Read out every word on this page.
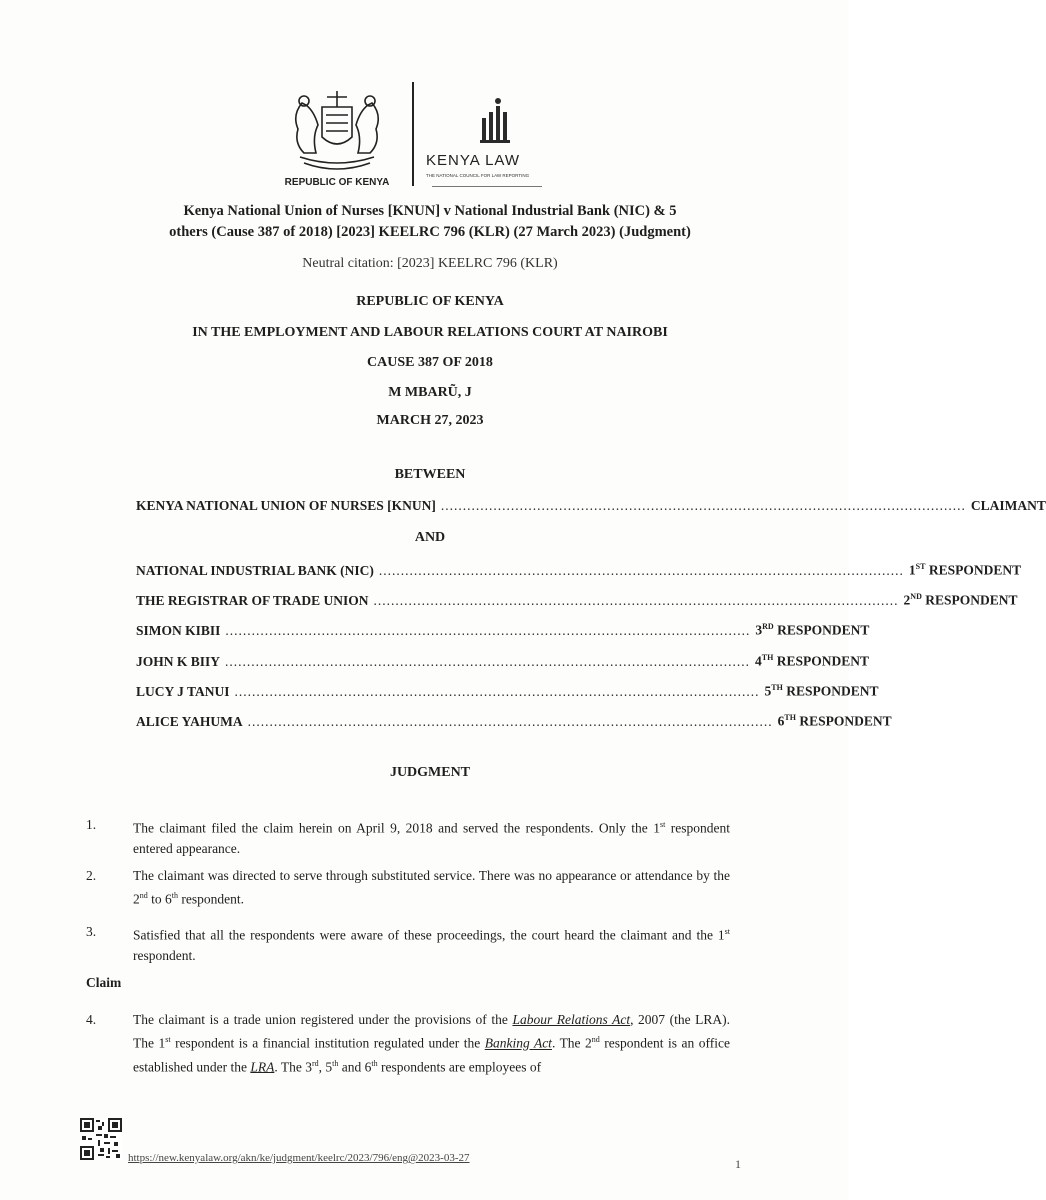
REPUBLIC OF KENYA
KENYA LAW
THE NATIONAL COUNCIL FOR LAW REPORTING
Kenya National Union of Nurses [KNUN] v National Industrial Bank (NIC) & 5
others (Cause 387 of 2018) [2023] KEELRC 796 (KLR) (27 March 2023) (Judgment)
Neutral citation: [2023] KEELRC 796 (KLR)
REPUBLIC OF KENYA
IN THE EMPLOYMENT AND LABOUR RELATIONS COURT AT NAIROBI
CAUSE 387 OF 2018
M MBARŨ, J
MARCH 27, 2023
BETWEEN
KENYA NATIONAL UNION OF NURSES [KNUN] ........................................................................................................................ CLAIMANT
AND
NATIONAL INDUSTRIAL BANK (NIC) ........................................................................................................................ 1ST RESPONDENT
THE REGISTRAR OF TRADE UNION ........................................................................................................................ 2ND RESPONDENT
SIMON KIBII ........................................................................................................................ 3RD RESPONDENT
JOHN K BIIY ........................................................................................................................ 4TH RESPONDENT
LUCY J TANUI ........................................................................................................................ 5TH RESPONDENT
ALICE YAHUMA ........................................................................................................................ 6TH RESPONDENT
JUDGMENT
1.	The claimant filed the claim herein on April 9, 2018 and served the respondents. Only the 1st respondent entered appearance.
2.	The claimant was directed to serve through substituted service. There was no appearance or attendance by the 2nd to 6th respondent.
3.	Satisfied that all the respondents were aware of these proceedings, the court heard the claimant and the 1st respondent.
Claim
4.	The claimant is a trade union registered under the provisions of the Labour Relations Act, 2007 (the LRA). The 1st respondent is a financial institution regulated under the Banking Act. The 2nd respondent is an office established under the LRA. The 3rd, 5th and 6th respondents are employees of
https://new.kenyalaw.org/akn/ke/judgment/keelrc/2023/796/eng@2023-03-27	1
